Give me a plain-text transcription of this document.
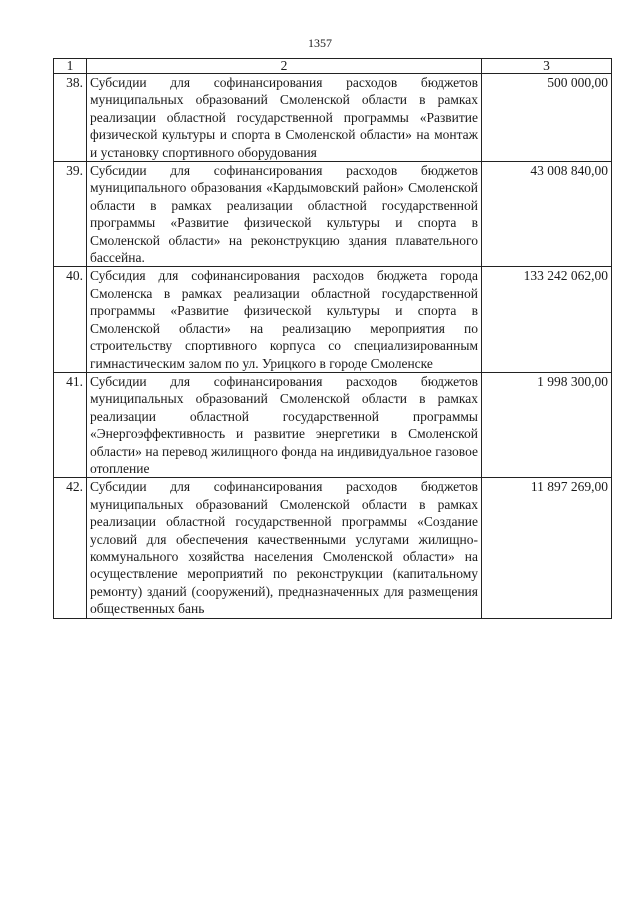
1357
1	2	3
38.	Субсидии для софинансирования расходов бюджетов муниципальных образований Смоленской области в рамках реализации областной государственной программы «Развитие физической культуры и спорта в Смоленской области» на монтаж и установку спортивного оборудования	500 000,00
39.	Субсидии для софинансирования расходов бюджетов муниципального образования «Кардымовский район» Смоленской области в рамках реализации областной государственной программы «Развитие физической культуры и спорта в Смоленской области» на реконструкцию здания плавательного бассейна.	43 008 840,00
40.	Субсидия для софинансирования расходов бюджета города Смоленска в рамках реализации областной государственной программы «Развитие физической культуры и спорта в Смоленской области» на реализацию мероприятия по строительству спортивного корпуса со специализированным гимнастическим залом по ул. Урицкого в городе Смоленске	133 242 062,00
41.	Субсидии для софинансирования расходов бюджетов муниципальных образований Смоленской области в рамках реализации областной государственной программы «Энергоэффективность и развитие энергетики в Смоленской области» на перевод жилищного фонда на индивидуальное газовое отопление	1 998 300,00
42.	Субсидии для софинансирования расходов бюджетов муниципальных образований Смоленской области в рамках реализации областной государственной программы «Создание условий для обеспечения качественными услугами жилищно-коммунального хозяйства населения Смоленской области» на осуществление мероприятий по реконструкции (капитальному ремонту) зданий (сооружений), предназначенных для размещения общественных бань	11 897 269,00
